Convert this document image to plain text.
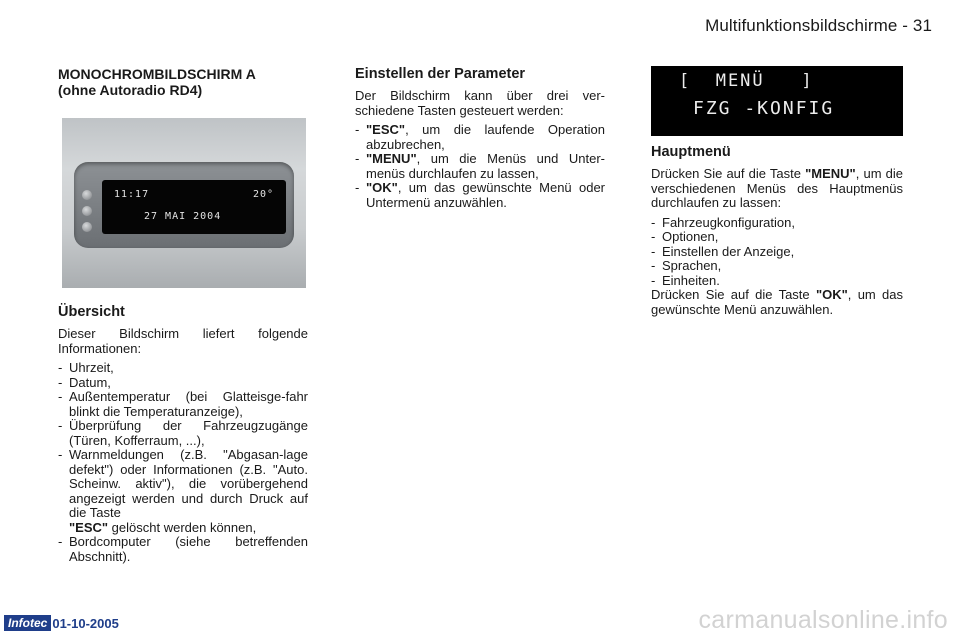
Multifunktionsbildschirme - 31
MONOCHROMBILDSCHIRM A
(ohne Autoradio RD4)
11:17	20°
27 MAI 2004
Übersicht

Dieser Bildschirm liefert folgende Informationen:

- Uhrzeit,
- Datum,
- Außentemperatur (bei Glatteisge-fahr blinkt die Temperaturanzeige),
- Überprüfung der Fahrzeugzugänge (Türen, Kofferraum, ...),
- Warnmeldungen (z.B. "Abgasan-lage defekt") oder Informationen (z.B. "Auto. Scheinw. aktiv"), die vorübergehend angezeigt werden und durch Druck auf die Taste
"ESC" gelöscht werden können,
- Bordcomputer (siehe betreffenden Abschnitt).
Einstellen der Parameter

Der Bildschirm kann über drei ver-schiedene Tasten gesteuert werden:

- "ESC", um die laufende Operation abzubrechen,
- "MENU", um die Menüs und Unter-menüs durchlaufen zu lassen,
- "OK", um das gewünschte Menü oder Untermenü anzuwählen.
[  MENÜ   ]
FZG -KONFIG
Hauptmenü

Drücken Sie auf die Taste "MENU", um die verschiedenen Menüs des Hauptmenüs durchlaufen zu lassen:

- Fahrzeugkonfiguration,
- Optionen,
- Einstellen der Anzeige,
- Sprachen,
- Einheiten.

Drücken Sie auf die Taste "OK", um das gewünschte Menü anzuwählen.

Infotec 01-10-2005	carmanualsonline.info
